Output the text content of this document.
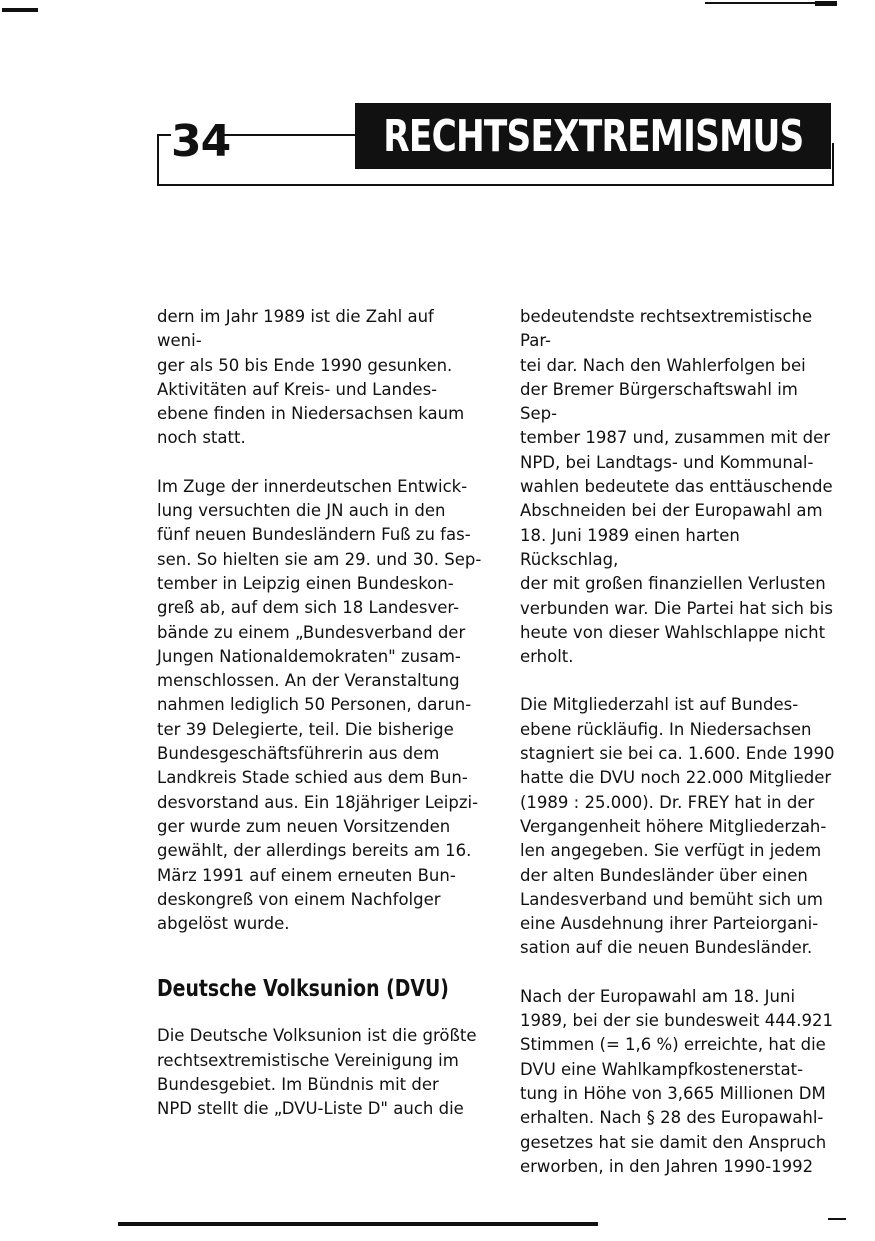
34	RECHTSEXTREMISMUS

dern im Jahr 1989 ist die Zahl auf weni-
ger als 50 bis Ende 1990 gesunken.
Aktivitäten auf Kreis- und Landes-
ebene finden in Niedersachsen kaum
noch statt.

Im Zuge der innerdeutschen Entwick-
lung versuchten die JN auch in den
fünf neuen Bundesländern Fuß zu fas-
sen. So hielten sie am 29. und 30. Sep-
tember in Leipzig einen Bundeskon-
greß ab, auf dem sich 18 Landesver-
bände zu einem „Bundesverband der
Jungen Nationaldemokraten" zusam-
menschlossen. An der Veranstaltung
nahmen lediglich 50 Personen, darun-
ter 39 Delegierte, teil. Die bisherige
Bundesgeschäftsführerin aus dem
Landkreis Stade schied aus dem Bun-
desvorstand aus. Ein 18jähriger Leipzi-
ger wurde zum neuen Vorsitzenden
gewählt, der allerdings bereits am 16.
März 1991 auf einem erneuten Bun-
deskongreß von einem Nachfolger
abgelöst wurde.

Deutsche Volksunion (DVU)

Die Deutsche Volksunion ist die größte
rechtsextremistische Vereinigung im
Bundesgebiet. Im Bündnis mit der
NPD stellt die „DVU-Liste D" auch die

bedeutendste rechtsextremistische Par-
tei dar. Nach den Wahlerfolgen bei
der Bremer Bürgerschaftswahl im Sep-
tember 1987 und, zusammen mit der
NPD, bei Landtags- und Kommunal-
wahlen bedeutete das enttäuschende
Abschneiden bei der Europawahl am
18. Juni 1989 einen harten Rückschlag,
der mit großen finanziellen Verlusten
verbunden war. Die Partei hat sich bis
heute von dieser Wahlschlappe nicht
erholt.

Die Mitgliederzahl ist auf Bundes-
ebene rückläufig. In Niedersachsen
stagniert sie bei ca. 1.600. Ende 1990
hatte die DVU noch 22.000 Mitglieder
(1989 : 25.000). Dr. FREY hat in der
Vergangenheit höhere Mitgliederzah-
len angegeben. Sie verfügt in jedem
der alten Bundesländer über einen
Landesverband und bemüht sich um
eine Ausdehnung ihrer Parteiorgani-
sation auf die neuen Bundesländer.

Nach der Europawahl am 18. Juni
1989, bei der sie bundesweit 444.921
Stimmen (= 1,6 %) erreichte, hat die
DVU eine Wahlkampfkostenerstat-
tung in Höhe von 3,665 Millionen DM
erhalten. Nach § 28 des Europawahl-
gesetzes hat sie damit den Anspruch
erworben, in den Jahren 1990-1992
